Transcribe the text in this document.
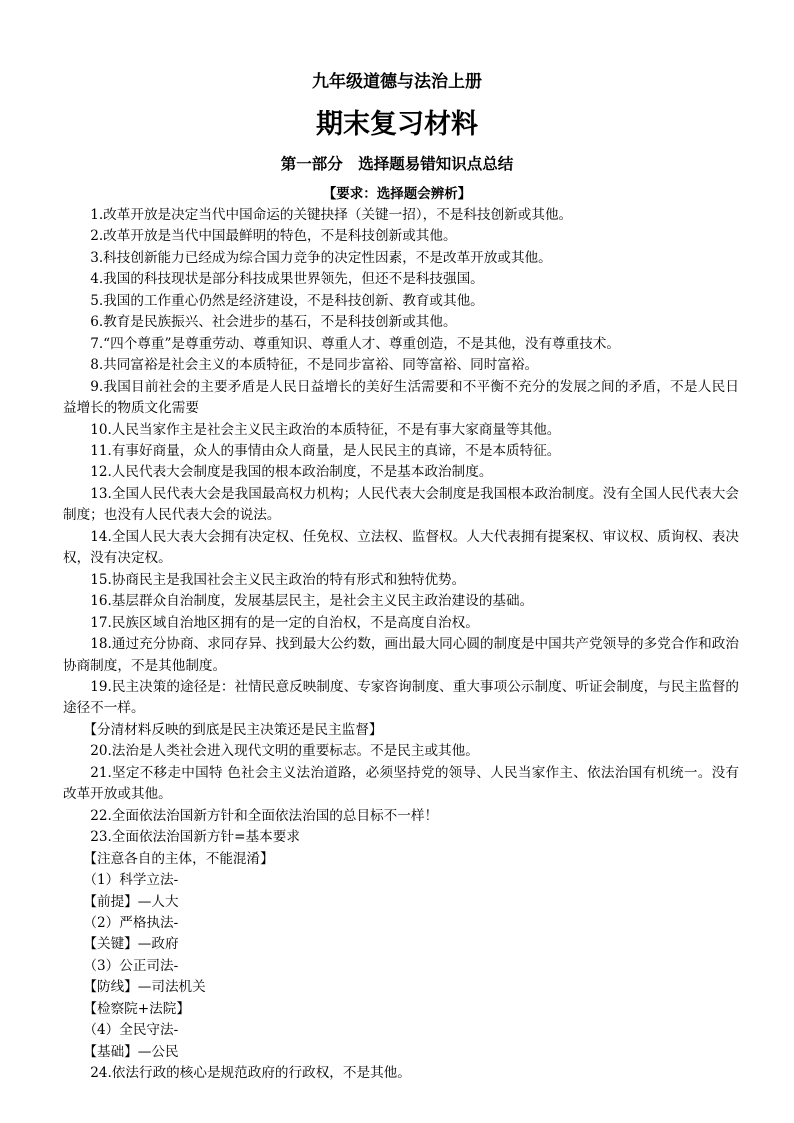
九年级道德与法治上册
期末复习材料
第一部分　选择题易错知识点总结
【要求：选择题会辨析】

1.改革开放是决定当代中国命运的关键抉择（关键一招），不是科技创新或其他。

2.改革开放是当代中国最鲜明的特色，不是科技创新或其他。

3.科技创新能力已经成为综合国力竞争的决定性因素，不是改革开放或其他。

4.我国的科技现状是部分科技成果世界领先，但还不是科技强国。

5.我国的工作重心仍然是经济建设，不是科技创新、教育或其他。

6.教育是民族振兴、社会进步的基石，不是科技创新或其他。

7.“四个尊重”是尊重劳动、尊重知识、尊重人才、尊重创造，不是其他，没有尊重技术。

8.共同富裕是社会主义的本质特征，不是同步富裕、同等富裕、同时富裕。

9.我国目前社会的主要矛盾是人民日益增长的美好生活需要和不平衡不充分的发展之间的矛盾，不是人民日益增长的物质文化需要

10.人民当家作主是社会主义民主政治的本质特征，不是有事大家商量等其他。

11.有事好商量，众人的事情由众人商量，是人民民主的真谛，不是本质特征。

12.人民代表大会制度是我国的根本政治制度，不是基本政治制度。

13.全国人民代表大会是我国最高权力机构；人民代表大会制度是我国根本政治制度。没有全国人民代表大会制度；也没有人民代表大会的说法。

14.全国人民大表大会拥有决定权、任免权、立法权、监督权。人大代表拥有提案权、审议权、质询权、表决权，没有决定权。

15.协商民主是我国社会主义民主政治的特有形式和独特优势。

16.基层群众自治制度，发展基层民主，是社会主义民主政治建设的基础。

17.民族区域自治地区拥有的是一定的自治权，不是高度自治权。

18.通过充分协商、求同存异、找到最大公约数，画出最大同心圆的制度是中国共产党领导的多党合作和政治协商制度，不是其他制度。

19.民主决策的途径是：社情民意反映制度、专家咨询制度、重大事项公示制度、听证会制度，与民主监督的途径不一样。

【分清材料反映的到底是民主决策还是民主监督】

20.法治是人类社会进入现代文明的重要标志。不是民主或其他。

21.坚定不移走中国特 色社会主义法治道路，必须坚持党的领导、人民当家作主、依法治国有机统一。没有改革开放或其他。

22.全面依法治国新方针和全面依法治国的总目标不一样！

23.全面依法治国新方针=基本要求

【注意各自的主体，不能混淆】

（1）科学立法-

【前提】—人大

（2）严格执法-

【关键】—政府

（3）公正司法-

【防线】—司法机关

【检察院+法院】

（4）全民守法-

【基础】—公民

24.依法行政的核心是规范政府的行政权，不是其他。
